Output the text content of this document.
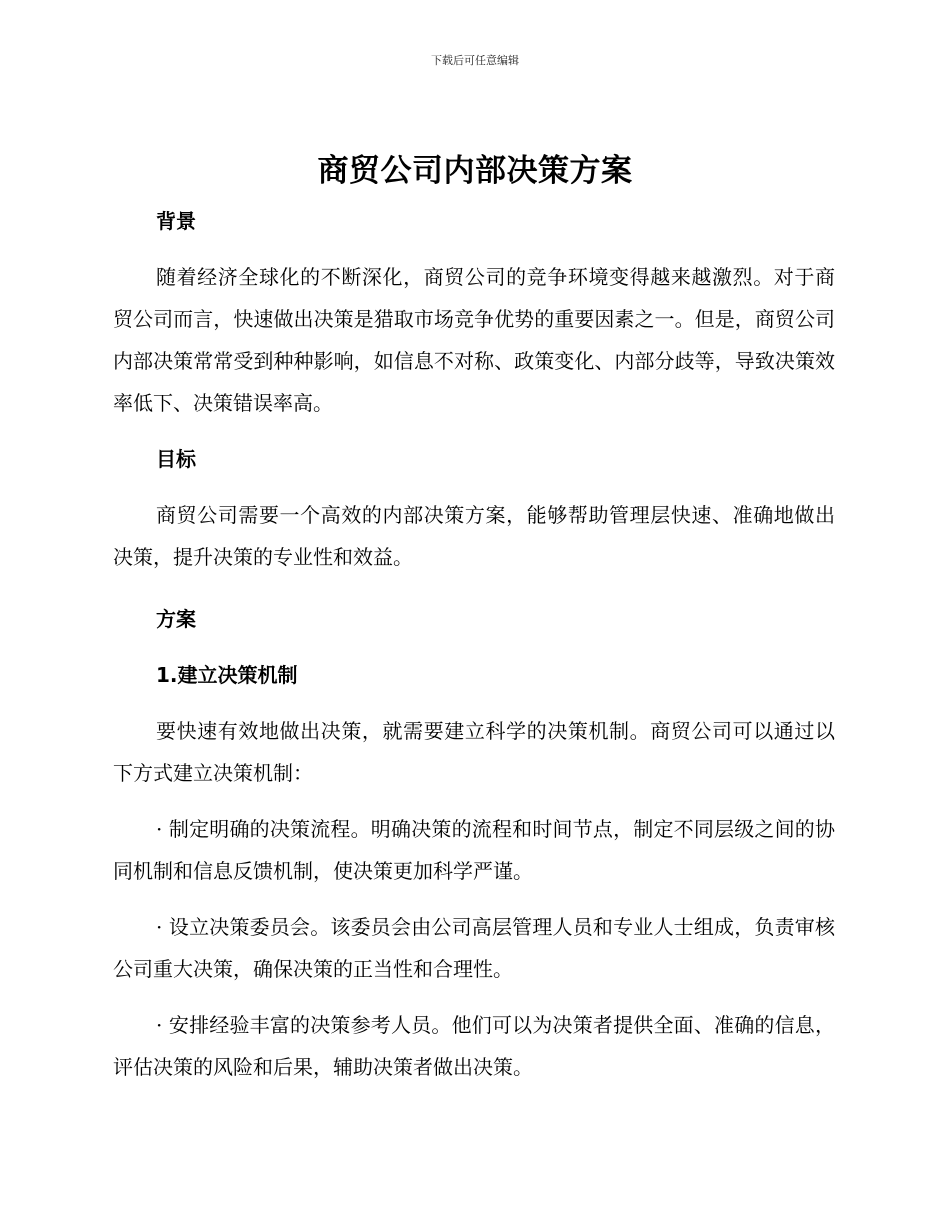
下载后可任意编辑
商贸公司内部决策方案
背景

随着经济全球化的不断深化，商贸公司的竞争环境变得越来越激烈。对于商贸公司而言，快速做出决策是猎取市场竞争优势的重要因素之一。但是，商贸公司内部决策常常受到种种影响，如信息不对称、政策变化、内部分歧等，导致决策效率低下、决策错误率高。

目标

商贸公司需要一个高效的内部决策方案，能够帮助管理层快速、准确地做出决策，提升决策的专业性和效益。

方案
1.建立决策机制

要快速有效地做出决策，就需要建立科学的决策机制。商贸公司可以通过以下方式建立决策机制：

· 制定明确的决策流程。明确决策的流程和时间节点，制定不同层级之间的协同机制和信息反馈机制，使决策更加科学严谨。

· 设立决策委员会。该委员会由公司高层管理人员和专业人士组成，负责审核公司重大决策，确保决策的正当性和合理性。

· 安排经验丰富的决策参考人员。他们可以为决策者提供全面、准确的信息，评估决策的风险和后果，辅助决策者做出决策。
